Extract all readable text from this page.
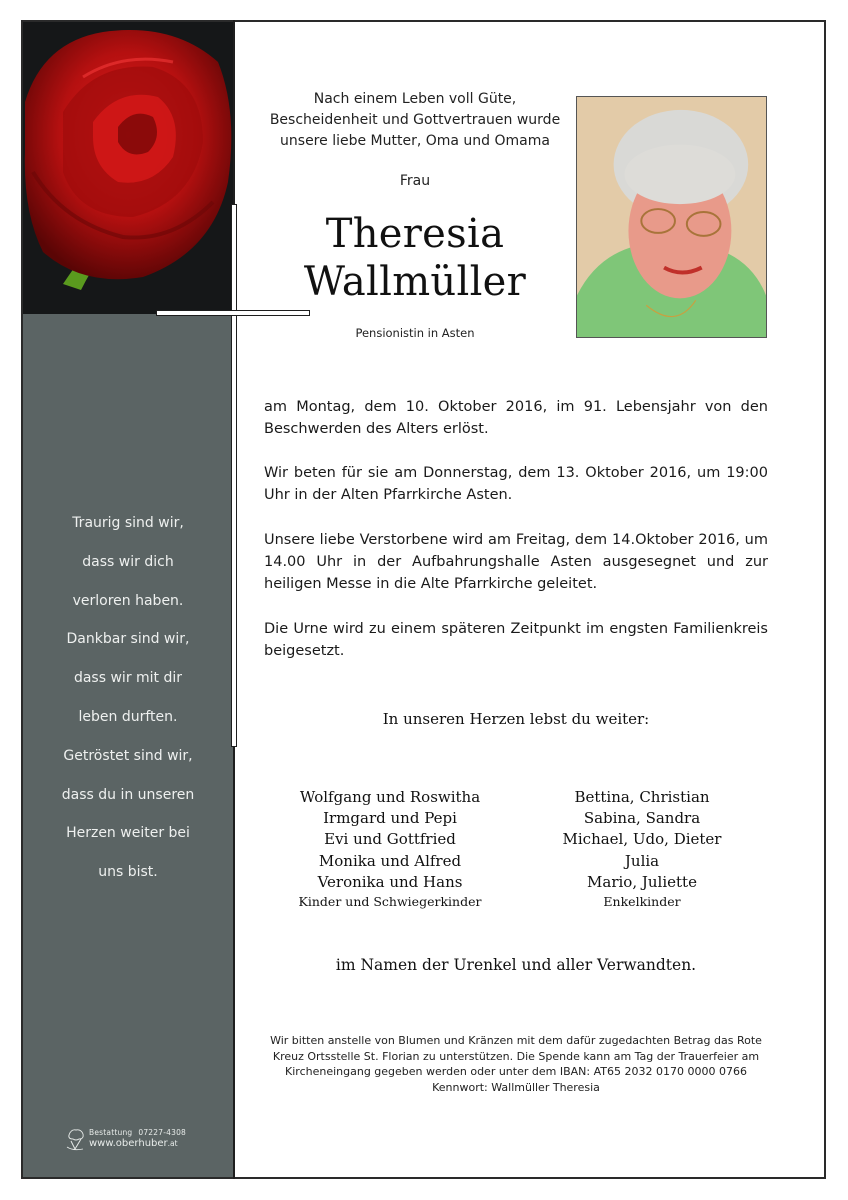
Traurig sind wir,
dass wir dich
verloren haben.
Dankbar sind wir,
dass wir mit dir
leben durften.
Getröstet sind wir,
dass du in unseren
Herzen weiter bei
uns bist.
Bestattung 07227-4308
www.oberhuber.at
Nach einem Leben voll Güte,
Bescheidenheit und Gottvertrauen wurde
unsere liebe Mutter, Oma und Omama
Frau
Theresia
Wallmüller
Pensionistin in Asten
am Montag, dem 10. Oktober 2016, im 91. Lebensjahr von den Beschwerden des Alters erlöst.
Wir beten für sie am Donnerstag, dem 13. Oktober 2016, um 19:00 Uhr in der Alten Pfarrkirche Asten.
Unsere liebe Verstorbene wird am Freitag, dem 14.Oktober 2016, um 14.00 Uhr in der Aufbahrungshalle Asten ausgesegnet und zur heiligen Messe in die Alte Pfarrkirche geleitet.
Die Urne wird zu einem späteren Zeitpunkt im engsten Familienkreis beigesetzt.
In unseren Herzen lebst du weiter:
Wolfgang und Roswitha
Irmgard und Pepi
Evi und Gottfried
Monika und Alfred
Veronika und Hans
Kinder und Schwiegerkinder
Bettina, Christian
Sabina, Sandra
Michael, Udo, Dieter
Julia
Mario, Juliette
Enkelkinder
im Namen der Urenkel und aller Verwandten.
Wir bitten anstelle von Blumen und Kränzen mit dem dafür zugedachten Betrag das Rote
Kreuz Ortsstelle St. Florian zu unterstützen. Die Spende kann am Tag der Trauerfeier am
Kircheneingang gegeben werden oder unter dem IBAN: AT65 2032 0170 0000 0766
Kennwort: Wallmüller Theresia
